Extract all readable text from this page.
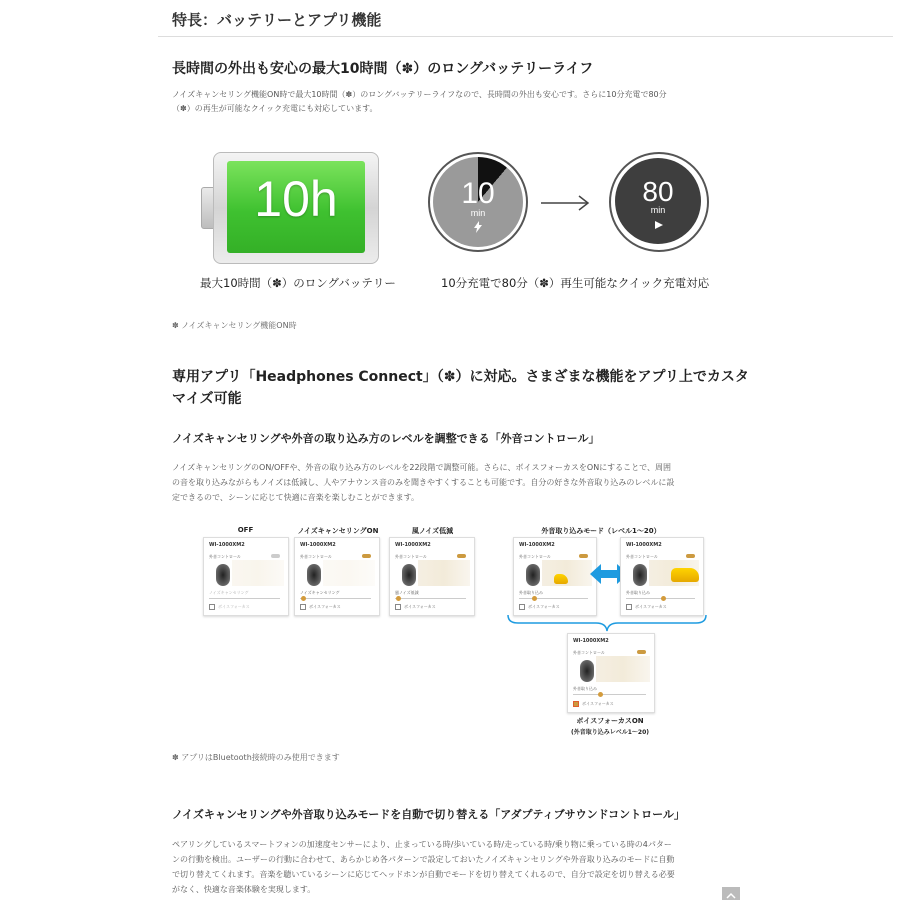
特長：バッテリーとアプリ機能
長時間の外出も安心の最大10時間（✽）のロングバッテリーライフ
ノイズキャンセリング機能ON時で最大10時間（✽）のロングバッテリーライフなので、長時間の外出も安心です。さらに10分充電で80分
（✽）の再生が可能なクイック充電にも対応しています。
10h	10
min
80
min
最大10時間（✽）のロングバッテリー	10分充電で80分（✽）再生可能なクイック充電対応
✽ ノイズキャンセリング機能ON時
専用アプリ「Headphones Connect」（✽）に対応。さまざまな機能をアプリ上でカスタ
マイズ可能
ノイズキャンセリングや外音の取り込み方のレベルを調整できる「外音コントロール」
ノイズキャンセリングのON/OFFや、外音の取り込み方のレベルを22段階で調整可能。さらに、ボイスフォーカスをONにすることで、周囲
の音を取り込みながらもノイズは低減し、人やアナウンス音のみを聞きやすくすることも可能です。自分の好きな外音取り込みのレベルに設
定できるので、シーンに応じて快適に音楽を楽しむことができます。
OFF	ノイズキャンセリングON	風ノイズ低減	外音取り込みモード（レベル1〜20）
WI-1000XM2
外音コントロール
ノイズキャンセリング
ボイスフォーカス
WI-1000XM2
外音コントロール
ノイズキャンセリング
ボイスフォーカス
WI-1000XM2
外音コントロール
風ノイズ低減
ボイスフォーカス
WI-1000XM2
外音コントロール
外音取り込み
ボイスフォーカス
WI-1000XM2
外音コントロール
外音取り込み
ボイスフォーカス
WI-1000XM2
外音コントロール
外音取り込み
ボイスフォーカス
ボイスフォーカスON
(外音取り込みレベル1〜20)
✽ アプリはBluetooth接続時のみ使用できます
ノイズキャンセリングや外音取り込みモードを自動で切り替える「アダプティブサウンドコントロール」
ペアリングしているスマートフォンの加速度センサーにより、止まっている時/歩いている時/走っている時/乗り物に乗っている時の4パター
ンの行動を検出。ユーザーの行動に合わせて、あらかじめ各パターンで設定しておいたノイズキャンセリングや外音取り込みのモードに自動
で切り替えてくれます。音楽を聴いているシーンに応じてヘッドホンが自動でモードを切り替えてくれるので、自分で設定を切り替える必要
がなく、快適な音楽体験を実現します。
